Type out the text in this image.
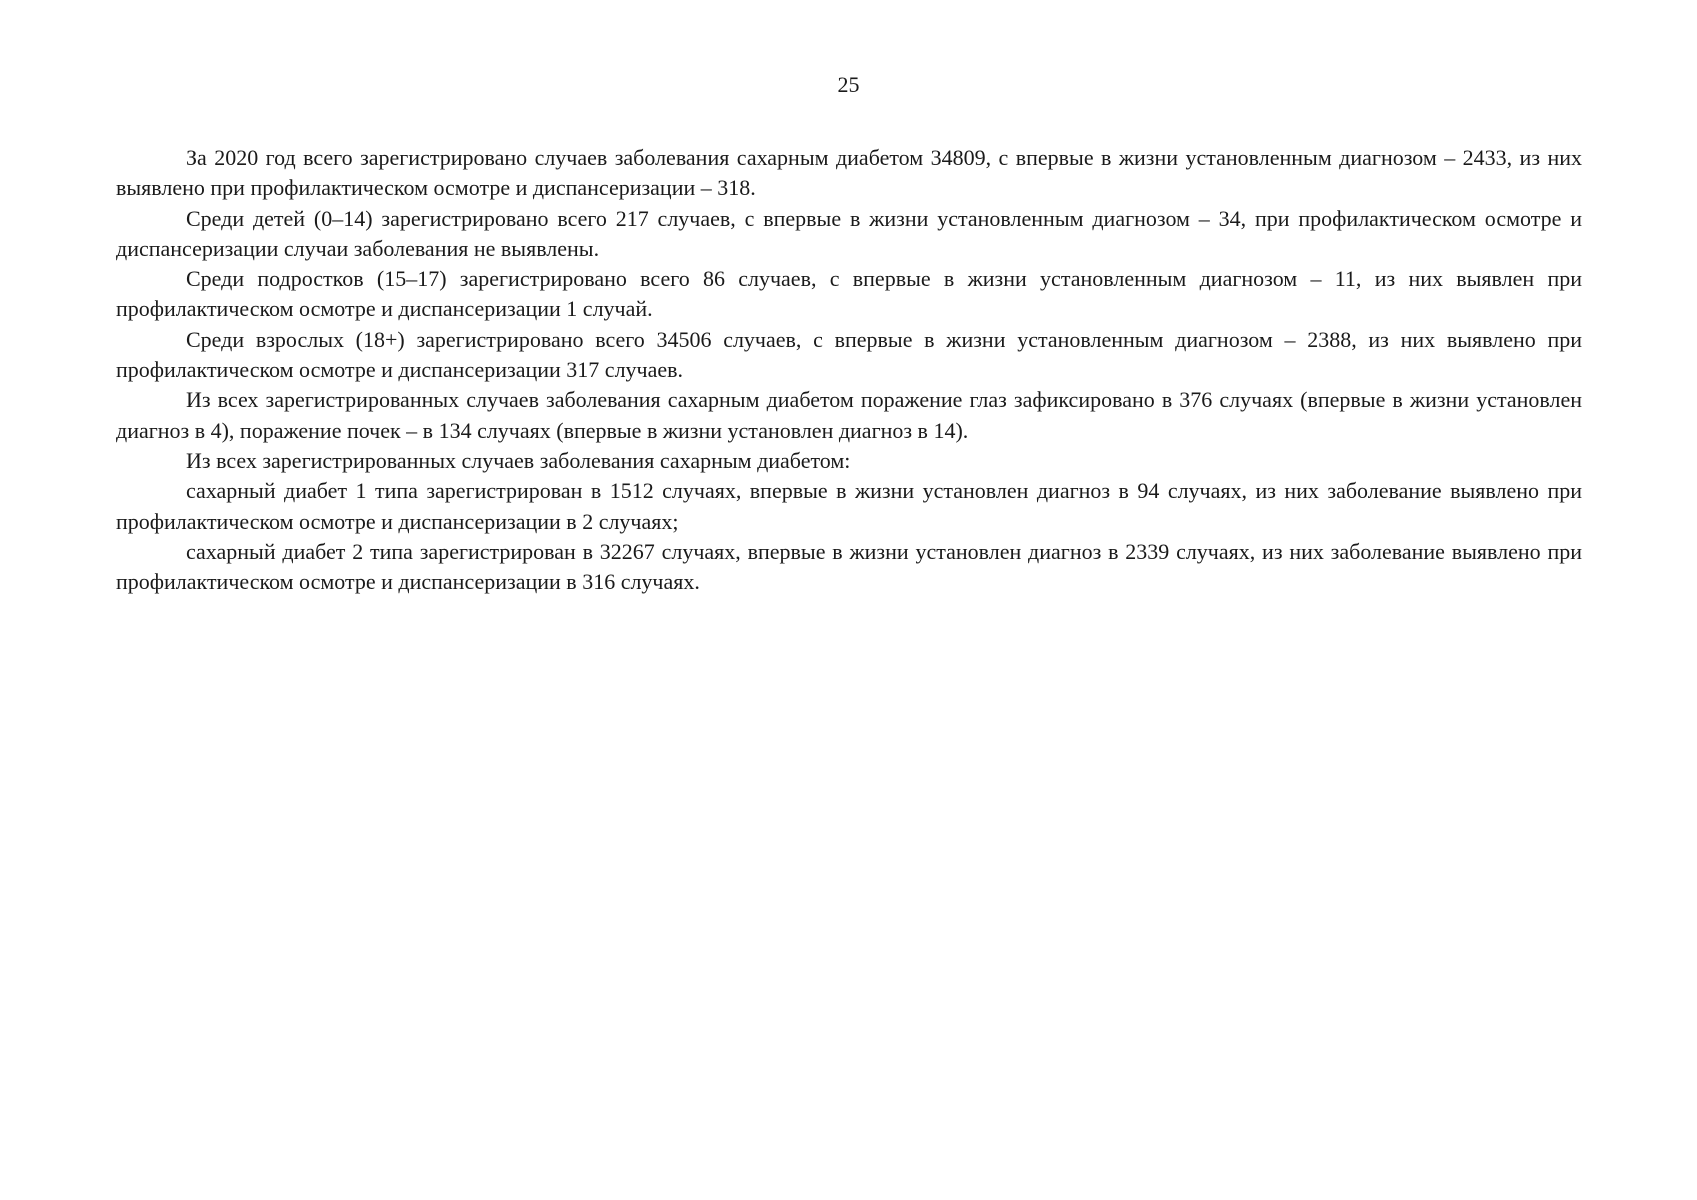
25

За 2020 год всего зарегистрировано случаев заболевания сахарным диабетом 34809, с впервые в жизни установленным диагнозом – 2433, из них выявлено при профилактическом осмотре и диспансеризации – 318.

Среди детей (0–14) зарегистрировано всего 217 случаев, с впервые в жизни установленным диагнозом – 34, при профилактическом осмотре и диспансеризации случаи заболевания не выявлены.

Среди подростков (15–17) зарегистрировано всего 86 случаев, с впервые в жизни установленным диагнозом – 11, из них выявлен при профилактическом осмотре и диспансеризации 1 случай.

Среди взрослых (18+) зарегистрировано всего 34506 случаев, с впервые в жизни установленным диагнозом – 2388, из них выявлено при профилактическом осмотре и диспансеризации 317 случаев.

Из всех зарегистрированных случаев заболевания сахарным диабетом поражение глаз зафиксировано в 376 случаях (впервые в жизни установлен диагноз в 4), поражение почек – в 134 случаях (впервые в жизни установлен диагноз в 14).

Из всех зарегистрированных случаев заболевания сахарным диабетом:

сахарный диабет 1 типа зарегистрирован в 1512 случаях, впервые в жизни установлен диагноз в 94 случаях, из них заболевание выявлено при профилактическом осмотре и диспансеризации в 2 случаях;

сахарный диабет 2 типа зарегистрирован в 32267 случаях, впервые в жизни установлен диагноз в 2339 случаях, из них заболевание выявлено при профилактическом осмотре и диспансеризации в 316 случаях.
